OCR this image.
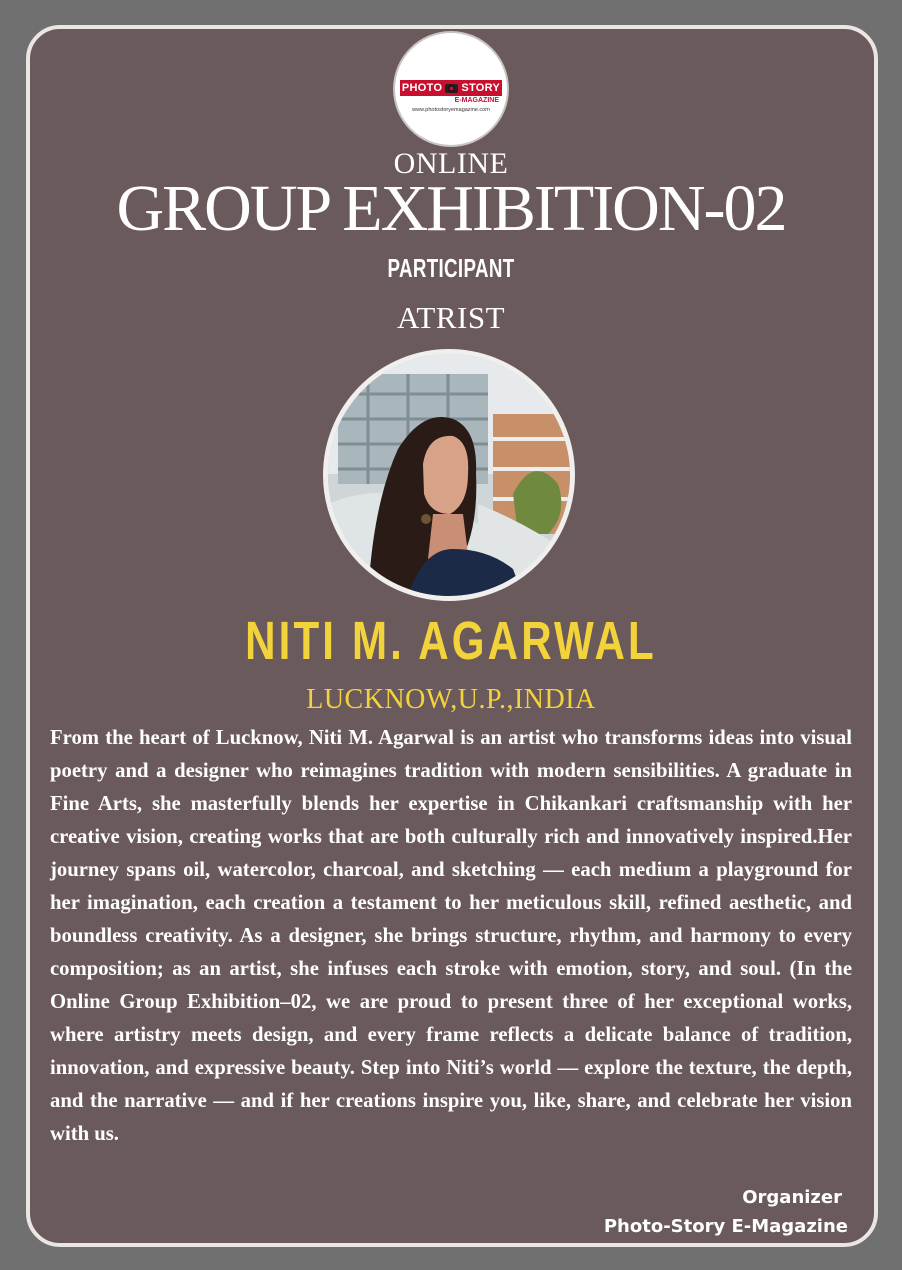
PHOTO STORY
E-MAGAZINE
www.photostoryemagazine.com
ONLINE
GROUP EXHIBITION-02
PARTICIPANT
ATRIST
NITI M. AGARWAL
LUCKNOW,U.P.,INDIA
From the heart of Lucknow, Niti M. Agarwal is an artist who transforms ideas into visual poetry and a designer who reimagines tradition with modern sensibilities. A graduate in Fine Arts, she masterfully blends her expertise in Chikankari craftsmanship with her creative vision, creating works that are both culturally rich and innovatively inspired.Her journey spans oil, watercolor, charcoal, and sketching — each medium a playground for her imagination, each creation a testament to her meticulous skill, refined aesthetic, and boundless creativity. As a designer, she brings structure, rhythm, and harmony to every composition; as an artist, she infuses each stroke with emotion, story, and soul. (In the Online Group Exhibition–02, we are proud to present three of her exceptional works, where artistry meets design, and every frame reflects a delicate balance of tradition, innovation, and expressive beauty. Step into Niti’s world — explore the texture, the depth, and the narrative — and if her creations inspire you, like, share, and celebrate her vision with us.
Organizer
Photo-Story E-Magazine
